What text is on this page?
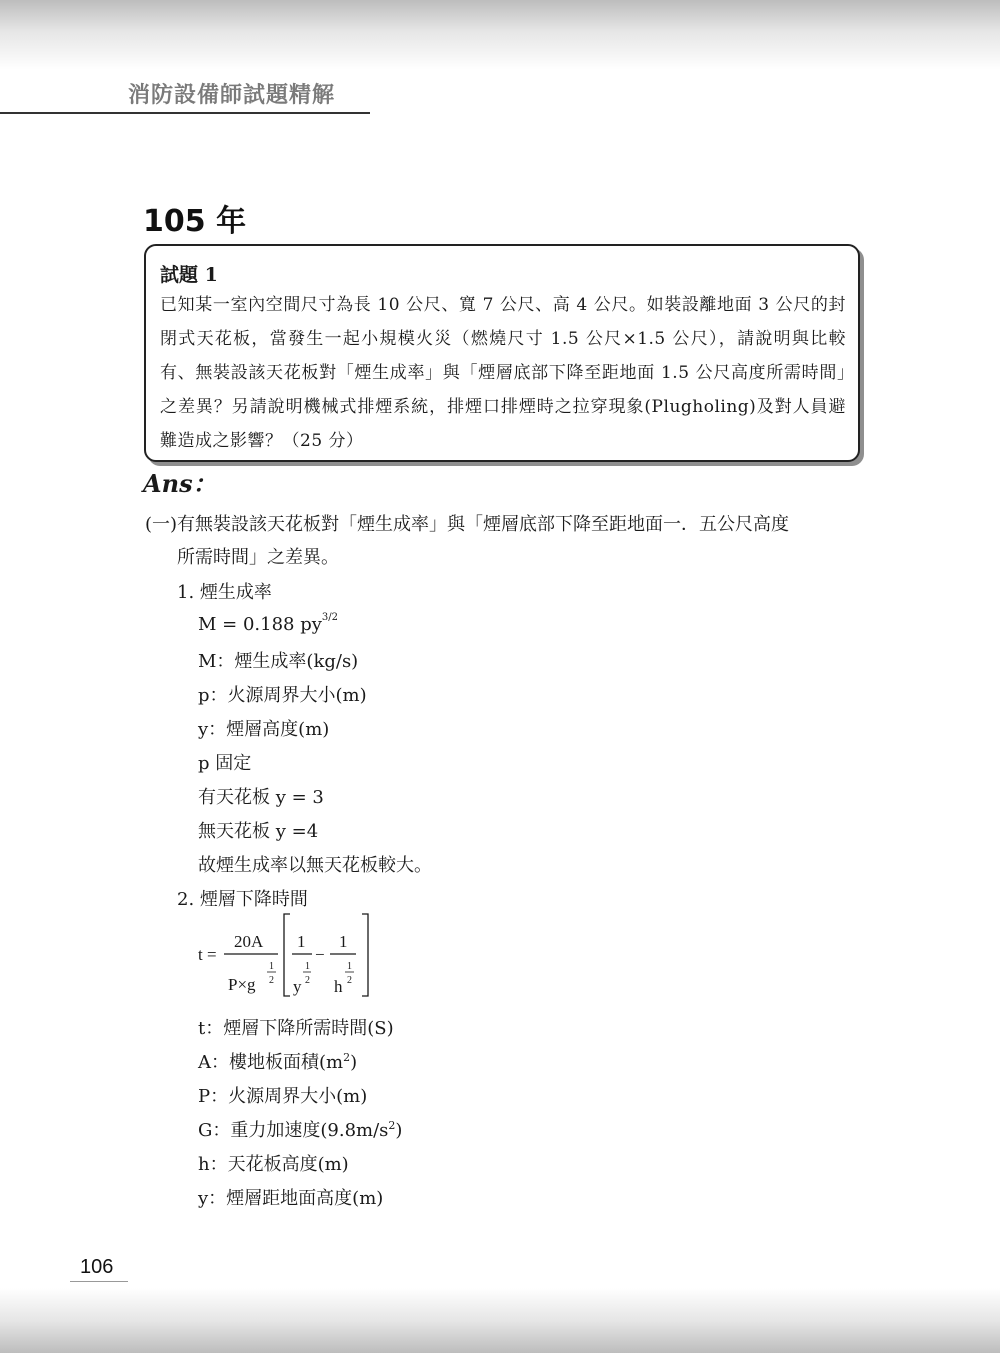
消防設備師試題精解
105 年
試題 1
已知某一室內空間尺寸為長 10 公尺、寬 7 公尺、高 4 公尺。如裝設離地面 3 公尺的封閉式天花板，當發生一起小規模火災（燃燒尺寸 1.5 公尺×1.5 公尺），請說明與比較有、無裝設該天花板對「煙生成率」與「煙層底部下降至距地面 1.5 公尺高度所需時間」之差異？另請說明機械式排煙系統，排煙口排煙時之拉穿現象(Plugholing)及對人員避難造成之影響？（25 分）
Ans：
(一)有無裝設該天花板對「煙生成率」與「煙層底部下降至距地面一．五公尺高度
所需時間」之差異。
1. 煙生成率
M = 0.188 $py^{3/2}$
M：煙生成率(kg/s)
p：火源周界大小(m)
y：煙層高度(m)
p 固定
有天花板 y = 3
無天花板 y =4
故煙生成率以無天花板較大。
2. 煙層下降時間
t =
20A
P×g
1
2
1
y
1
2
−
1
h
1
2
t：煙層下降所需時間(S)
A：樓地板面積$(m^2)$
P：火源周界大小(m)
G：重力加速度$(9.8m/s^2)$
h：天花板高度(m)
y：煙層距地面高度(m)
106
